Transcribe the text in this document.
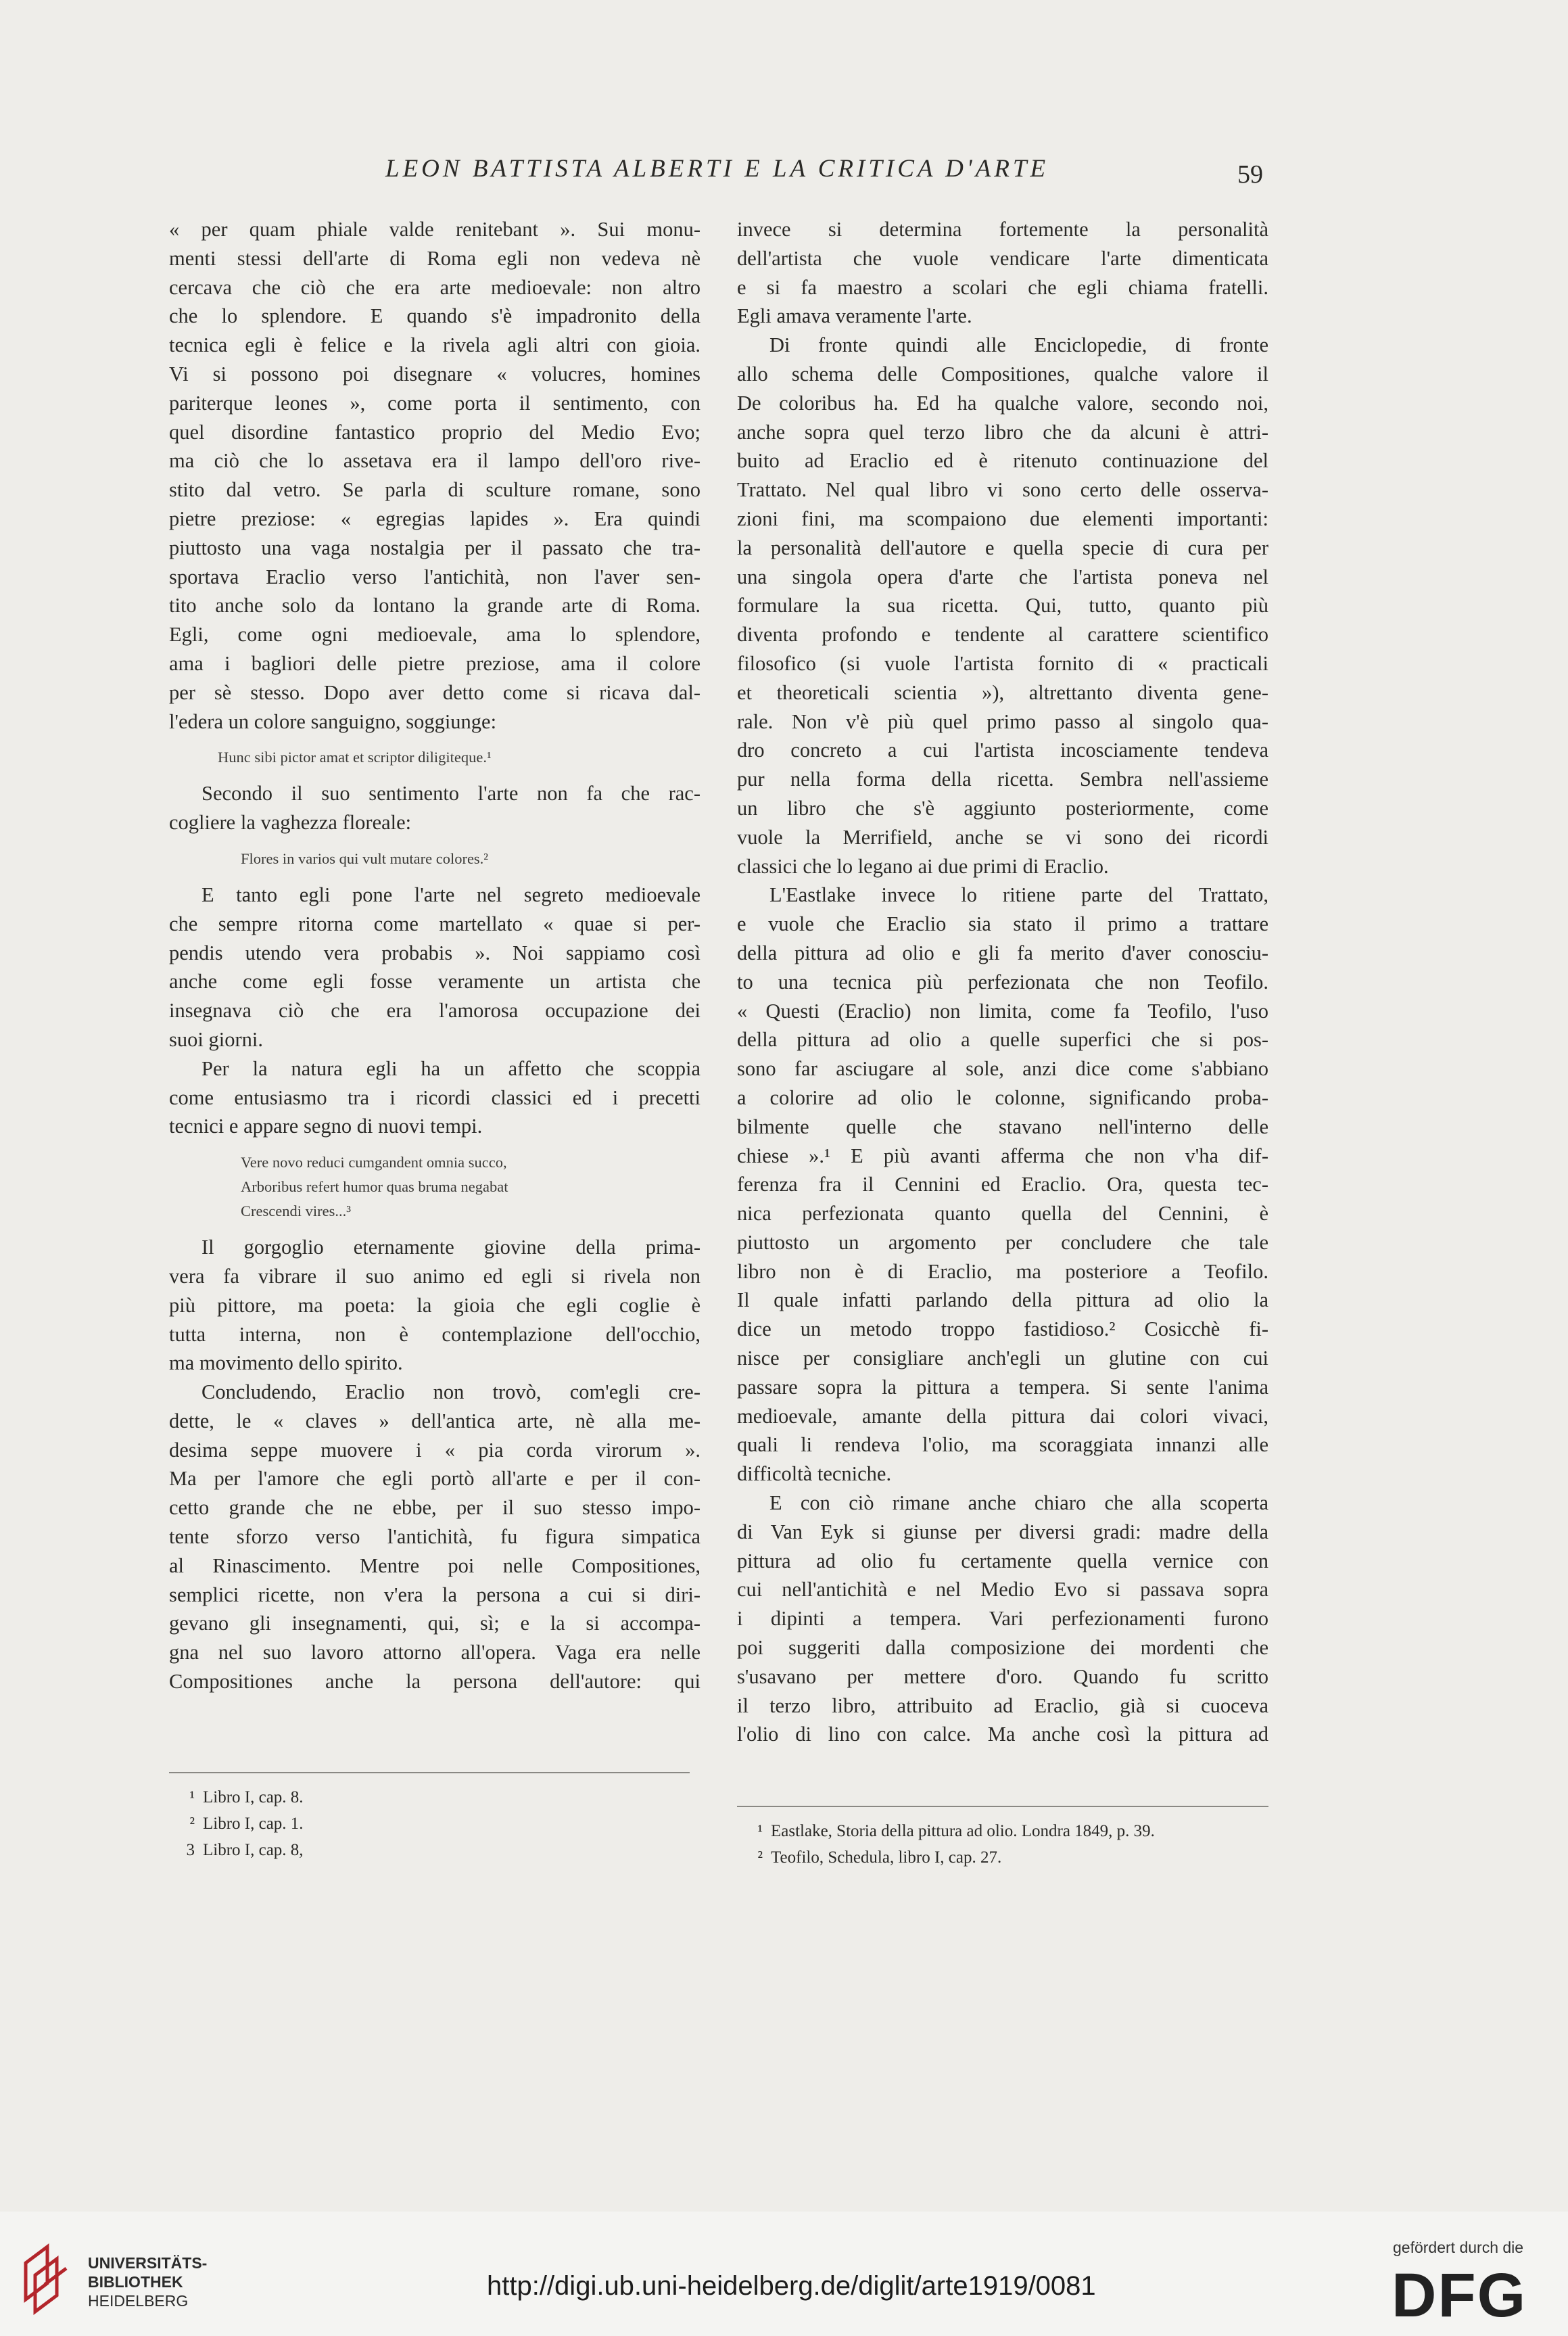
LEON BATTISTA ALBERTI E LA CRITICA D'ARTE	59
« per quam phiale valde renitebant ». Sui monu-
menti stessi dell'arte di Roma egli non vedeva nè
cercava che ciò che era arte medioevale: non altro
che lo splendore. E quando s'è impadronito della
tecnica egli è felice e la rivela agli altri con gioia.
Vi si possono poi disegnare « volucres, homines
pariterque leones », come porta il sentimento, con
quel disordine fantastico proprio del Medio Evo;
ma ciò che lo assetava era il lampo dell'oro rive-
stito dal vetro. Se parla di sculture romane, sono
pietre preziose: « egregias lapides ». Era quindi
piuttosto una vaga nostalgia per il passato che tra-
sportava Eraclio verso l'antichità, non l'aver sen-
tito anche solo da lontano la grande arte di Roma.
Egli, come ogni medioevale, ama lo splendore,
ama i bagliori delle pietre preziose, ama il colore
per sè stesso. Dopo aver detto come si ricava dal-
l'edera un colore sanguigno, soggiunge:
Hunc sibi pictor amat et scriptor diligiteque.¹
Secondo il suo sentimento l'arte non fa che rac-
cogliere la vaghezza floreale:
Flores in varios qui vult mutare colores.²
E tanto egli pone l'arte nel segreto medioevale
che sempre ritorna come martellato « quae si per-
pendis utendo vera probabis ». Noi sappiamo così
anche come egli fosse veramente un artista che
insegnava ciò che era l'amorosa occupazione dei
suoi giorni.
Per la natura egli ha un affetto che scoppia
come entusiasmo tra i ricordi classici ed i precetti
tecnici e appare segno di nuovi tempi.
Vere novo reduci cumgandent omnia succo,
Arboribus refert humor quas bruma negabat
Crescendi vires...³
Il gorgoglio eternamente giovine della prima-
vera fa vibrare il suo animo ed egli si rivela non
più pittore, ma poeta: la gioia che egli coglie è
tutta interna, non è contemplazione dell'occhio,
ma movimento dello spirito.
Concludendo, Eraclio non trovò, com'egli cre-
dette, le « claves » dell'antica arte, nè alla me-
desima seppe muovere i « pia corda virorum ».
Ma per l'amore che egli portò all'arte e per il con-
cetto grande che ne ebbe, per il suo stesso impo-
tente sforzo verso l'antichità, fu figura simpatica
al Rinascimento. Mentre poi nelle Compositiones,
semplici ricette, non v'era la persona a cui si diri-
gevano gli insegnamenti, qui, sì; e la si accompa-
gna nel suo lavoro attorno all'opera. Vaga era nelle
Compositiones anche la persona dell'autore: qui
¹ Libro I, cap. 8.
² Libro I, cap. 1.
3 Libro I, cap. 8,
invece si determina fortemente la personalità
dell'artista che vuole vendicare l'arte dimenticata
e si fa maestro a scolari che egli chiama fratelli.
Egli amava veramente l'arte.
Di fronte quindi alle Enciclopedie, di fronte
allo schema delle Compositiones, qualche valore il
De coloribus ha. Ed ha qualche valore, secondo noi,
anche sopra quel terzo libro che da alcuni è attri-
buito ad Eraclio ed è ritenuto continuazione del
Trattato. Nel qual libro vi sono certo delle osserva-
zioni fini, ma scompaiono due elementi importanti:
la personalità dell'autore e quella specie di cura per
una singola opera d'arte che l'artista poneva nel
formulare la sua ricetta. Qui, tutto, quanto più
diventa profondo e tendente al carattere scientifico
filosofico (si vuole l'artista fornito di « practicali
et theoreticali scientia »), altrettanto diventa gene-
rale. Non v'è più quel primo passo al singolo qua-
dro concreto a cui l'artista incosciamente tendeva
pur nella forma della ricetta. Sembra nell'assieme
un libro che s'è aggiunto posteriormente, come
vuole la Merrifield, anche se vi sono dei ricordi
classici che lo legano ai due primi di Eraclio.
L'Eastlake invece lo ritiene parte del Trattato,
e vuole che Eraclio sia stato il primo a trattare
della pittura ad olio e gli fa merito d'aver conosciu-
to una tecnica più perfezionata che non Teofilo.
« Questi (Eraclio) non limita, come fa Teofilo, l'uso
della pittura ad olio a quelle superfici che si pos-
sono far asciugare al sole, anzi dice come s'abbiano
a colorire ad olio le colonne, significando proba-
bilmente quelle che stavano nell'interno delle
chiese ».¹ E più avanti afferma che non v'ha dif-
ferenza fra il Cennini ed Eraclio. Ora, questa tec-
nica perfezionata quanto quella del Cennini, è
piuttosto un argomento per concludere che tale
libro non è di Eraclio, ma posteriore a Teofilo.
Il quale infatti parlando della pittura ad olio la
dice un metodo troppo fastidioso.² Cosicchè fi-
nisce per consigliare anch'egli un glutine con cui
passare sopra la pittura a tempera. Si sente l'anima
medioevale, amante della pittura dai colori vivaci,
quali li rendeva l'olio, ma scoraggiata innanzi alle
difficoltà tecniche.
E con ciò rimane anche chiaro che alla scoperta
di Van Eyk si giunse per diversi gradi: madre della
pittura ad olio fu certamente quella vernice con
cui nell'antichità e nel Medio Evo si passava sopra
i dipinti a tempera. Vari perfezionamenti furono
poi suggeriti dalla composizione dei mordenti che
s'usavano per mettere d'oro. Quando fu scritto
il terzo libro, attribuito ad Eraclio, già si cuoceva
l'olio di lino con calce. Ma anche così la pittura ad
¹ Eastlake, Storia della pittura ad olio. Londra 1849, p. 39.
² Teofilo, Schedula, libro I, cap. 27.
UNIVERSITÄTS-
BIBLIOTHEK
HEIDELBERG	http://digi.ub.uni-heidelberg.de/diglit/arte1919/0081
gefördert durch die
DFG
